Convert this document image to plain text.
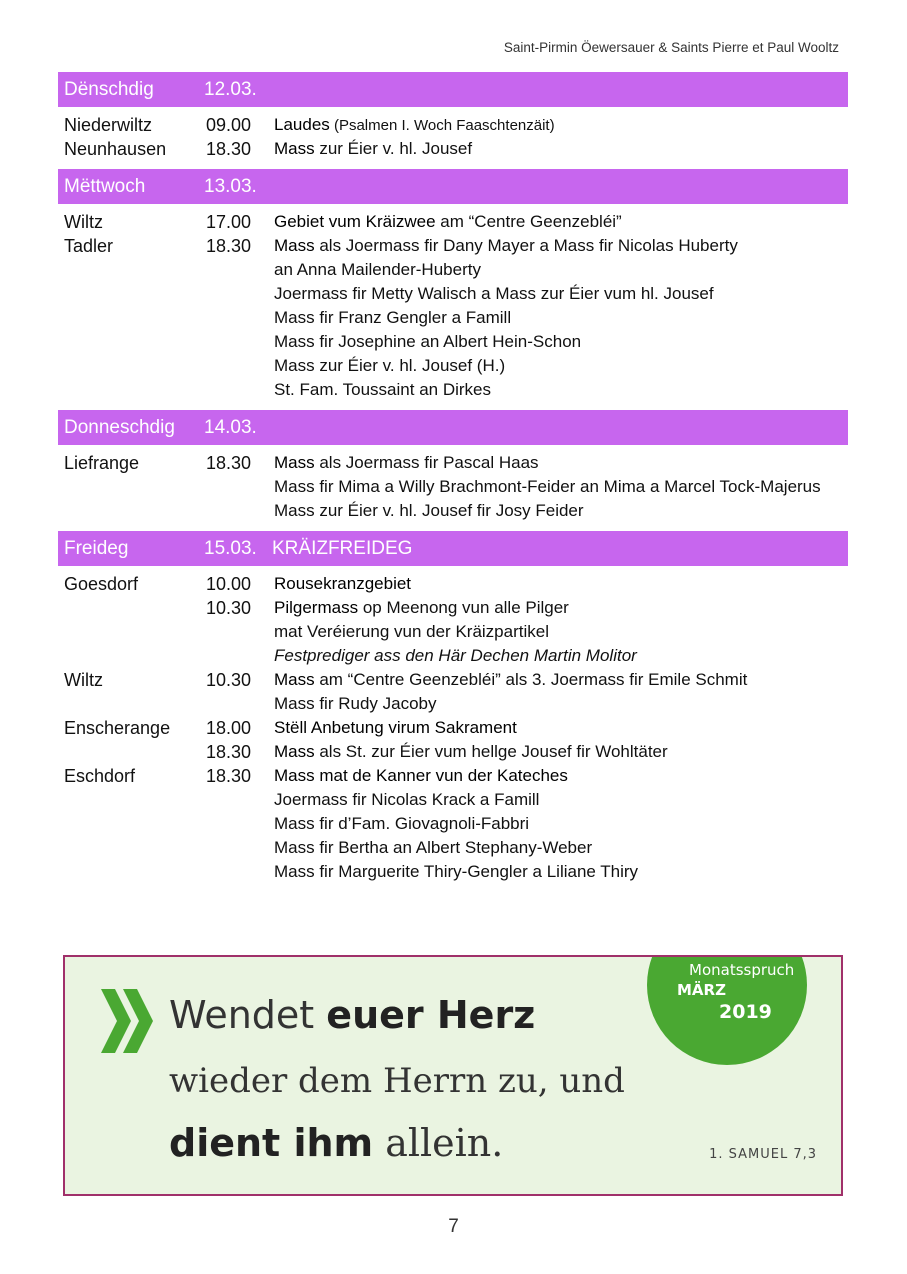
Saint-Pirmin Öewersauer & Saints Pierre et Paul Wooltz
Dënschdig	12.03.
Niederwiltz	09.00 Laudes (Psalmen I. Woch Faaschtenzäit)
Neunhausen 18.30 Mass zur Éier v. hl. Jousef
Mëttwoch	13.03.
Wiltz	17.00 Gebiet vum Kräizwee am “Centre Geenzebléi”
Tadler	18.30 Mass als Joermass fir Dany Mayer a Mass fir Nicolas Huberty
an Anna Mailender-Huberty
Joermass fir Metty Walisch a Mass zur Éier vum hl. Jousef
Mass fir Franz Gengler a Famill
Mass fir Josephine an Albert Hein-Schon
Mass zur Éier v. hl. Jousef (H.)
St. Fam. Toussaint an Dirkes
Donneschdig 14.03.
Liefrange	18.30 Mass als Joermass fir Pascal Haas
Mass fir Mima a Willy Brachmont-Feider an Mima a Marcel Tock-Majerus
Mass zur Éier v. hl. Jousef fir Josy Feider
Freideg	15.03. KRÄIZFREIDEG
Goesdorf	10.00 Rousekranzgebiet
10.30 Pilgermass op Meenong vun alle Pilger
mat Veréierung vun der Kräizpartikel
Festprediger ass den Här Dechen Martin Molitor
Wiltz	10.30 Mass am “Centre Geenzebléi” als 3. Joermass fir Emile Schmit
Mass fir Rudy Jacoby
Enscherange 18.00 Stëll Anbetung virum Sakrament
18.30 Mass als St. zur Éier vum hellge Jousef fir Wohltäter
Eschdorf	18.30 Mass mat de Kanner vun der Kateches
Joermass fir Nicolas Krack a Famill
Mass fir d’Fam. Giovagnoli-Fabbri
Mass fir Bertha an Albert Stephany-Weber
Mass fir Marguerite Thiry-Gengler a Liliane Thiry
Wendet euer Herz
wieder dem Herrn zu, und
dient ihm allein.	1. SAMUEL 7,3
Monatsspruch
MÄRZ
2019
7
